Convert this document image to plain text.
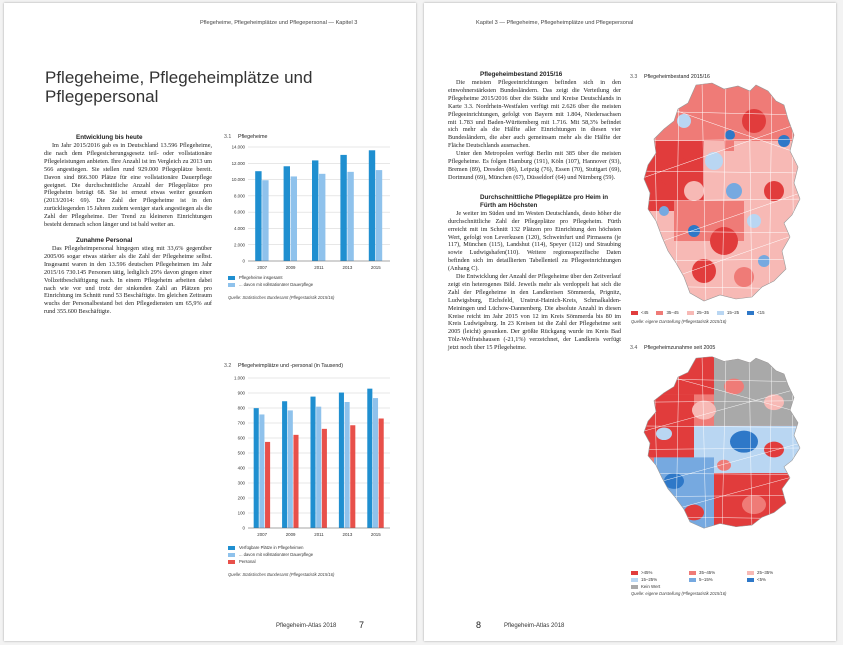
Pflegeheime, Pflegeheimplätze und Pflegepersonal — Kapitel 3
Pflegeheime, Pflegeheimplätze und Pflegepersonal

Entwicklung bis heute

Im Jahr 2015/2016 gab es in Deutschland 13.596 Pflegeheime, die nach dem Pflegesicherungsgesetz teil- oder vollstationäre Pflegeleistungen anbieten. Ihre Anzahl ist im Vergleich zu 2013 um 566 angestiegen. Sie stellen rund 929.000 Pflegeplätze bereit. Davon sind 866.300 Plätze für eine vollstationäre Dauerpflege geeignet. Die durchschnittliche Anzahl der Pflegeplätze pro Pflegeheim beträgt 68. Sie ist erneut etwas weiter gesunken (2013/2014: 69). Die Zahl der Pflegeheime ist in den zurückliegenden 15 Jahren zudem weniger stark angestiegen als die Zahl der Pflegeheime. Der Trend zu kleineren Einrichtungen besteht demnach schon länger und ist bald weiter an.

Zunahme Personal

Das Pflegeheimpersonal hingegen stieg mit 33,6% gegenüber 2005/06 sogar etwas stärker als die Zahl der Pflegeheime selbst. Insgesamt waren in den 13.596 deutschen Pflegeheimen im Jahr 2015/16 730.145 Personen tätig, lediglich 29% davon gingen einer Vollzeitbeschäftigung nach. In einem Pflegeheim arbeiten dabei nach wie vor und trotz der sinkenden Zahl an Plätzen pro Einrichtung im Schnitt rund 53 Beschäftigte. Im gleichen Zeitraum wuchs der Personalbestand bei den Pflegediensten um 65,9% auf rund 355.600 Beschäftigte.

3.1 Pflegeheime
0
2.000
4.000
6.000
8.000
10.000
12.000
14.000
2007	2009	2011	2013	2015
Pflegeheime insgesamt
... davon mit vollstationärer Dauerpflege
Quelle: Statistisches Bundesamt (Pflegestatistik 2015/16)
3.2 Pflegeheimplätze und -personal (in Tausend)
0
100
200
300
400
500
600
700
800
900
1.000
2007	2009	2011	2013	2015
Verfügbare Plätze in Pflegeheimen
... davon mit vollstationärer Dauerpflege
Personal
Quelle: Statistisches Bundesamt (Pflegestatistik 2015/16)
Pflegeheim-Atlas 2018	7
Kapitel 3 — Pflegeheime, Pflegeheimplätze und Pflegepersonal

Pflegeheimbestand 2015/16

Die meisten Pflegeeinrichtungen befinden sich in den einwohnerstärksten Bundesländern. Das zeigt die Verteilung der Pflegeheime 2015/2016 über die Städte und Kreise Deutschlands in Karte 3.3. Nordrhein-Westfalen verfügt mit 2.626 über die meisten Pflegeeinrichtungen, gefolgt von Bayern mit 1.804, Niedersachsen mit 1.783 und Baden-Württemberg mit 1.716. Mit 58,3% befindet sich mehr als die Hälfte aller Einrichtungen in diesen vier Bundesländern, die aber auch gemeinsam mehr als die Hälfte der Fläche Deutschlands ausmachen.

Unter den Metropolen verfügt Berlin mit 385 über die meisten Pflegeheime. Es folgen Hamburg (191), Köln (107), Hannover (93), Bremen (89), Dresden (86), Leipzig (76), Essen (70), Stuttgart (69), Dortmund (69), München (67), Düsseldorf (64) und Nürnberg (59).

Durchschnittliche Pflegeplätze pro Heim in Fürth am Höchsten

Je weiter im Süden und im Westen Deutschlands, desto höher die durchschnittliche Zahl der Pflegeplätze pro Pflegeheim. Fürth erreicht mit im Schnitt 132 Plätzen pro Einrichtung den höchsten Wert, gefolgt von Leverkusen (120), Schweinfurt und Pirmasens (je 117), München (115), Landshut (114), Speyer (112) und Straubing sowie Ludwigshafen(110). Weitere regionsspezifische Daten befinden sich im detaillierten Tabellenteil zu Pflegeeinrichtungen (Anhang C).

Die Entwicklung der Anzahl der Pflegeheime über den Zeitverlauf zeigt ein heterogenes Bild. Jeweils mehr als verdoppelt hat sich die Zahl der Pflegeheime in den Landkreisen Sömmerda, Prignitz, Ludwigsburg, Eichsfeld, Unstrut-Hainich-Kreis, Schmalkalden-Meiningen und Lüchow-Dannenberg. Die absolute Anzahl in diesen Kreise reicht im Jahr 2015 von 12 im Kreis Sömmerda bis 80 im Kreis Ludwigsburg. In 23 Kreisen ist die Zahl der Pflegeheime seit 2005 (leicht) gesunken. Der größte Rückgang wurde im Kreis Bad Tölz-Wolfratshausen (-21,1%) verzeichnet, der Landkreis verfügt jetzt noch über 15 Pflegeheime.

3.3 Pflegeheimbestand 2015/16
<45	35–45	25–35	15–25	<15
Quelle: eigene Darstellung (Pflegestatistik 2015/16)
3.4 Pflegeheimzunahme seit 2005
>45%	35–45%	25–35%
15–25%	5–15%	<5%
Kein Wert
Quelle: eigene Darstellung (Pflegestatistik 2015/16)
8	Pflegeheim-Atlas 2018
